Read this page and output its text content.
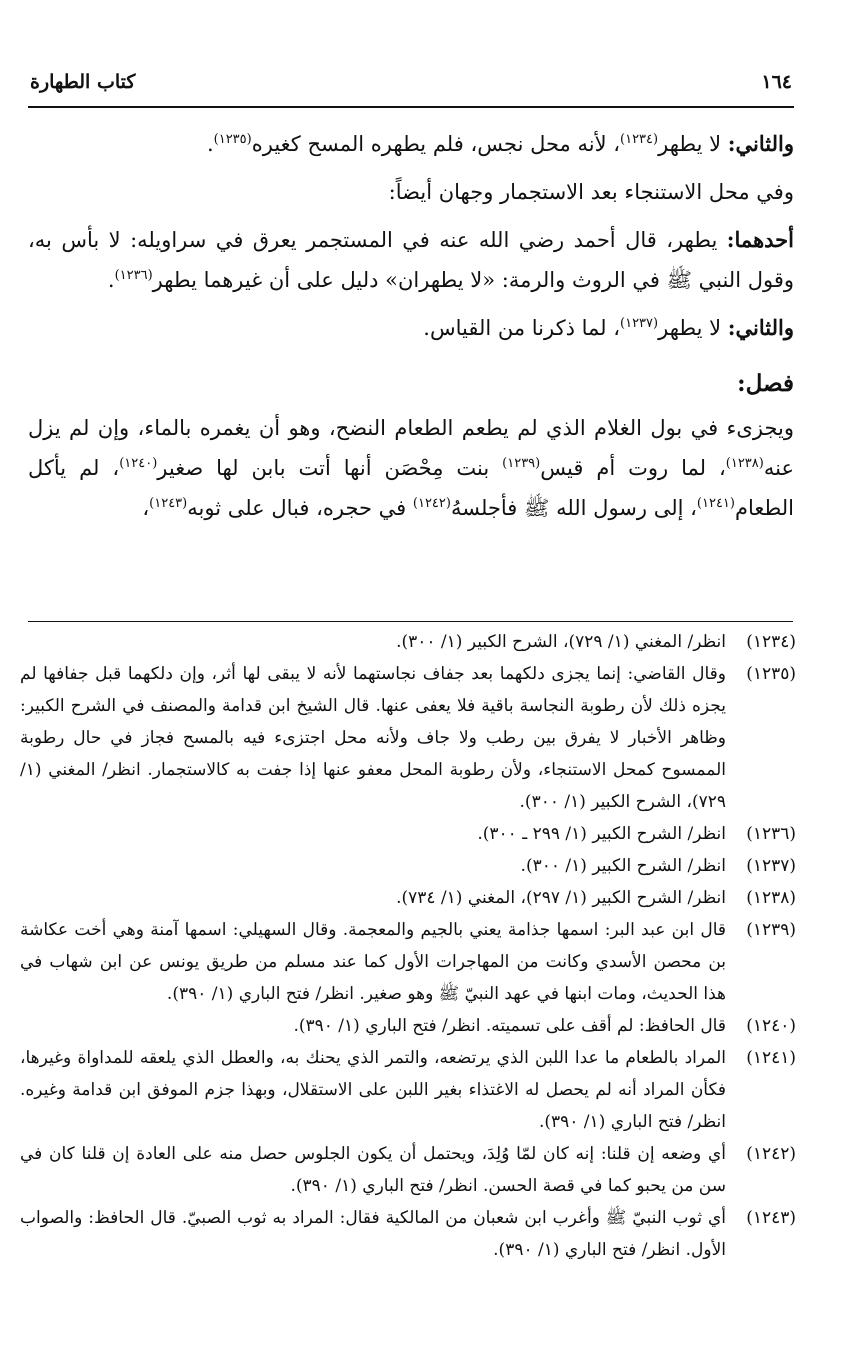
١٦٤
كتاب الطهارة

والثاني: لا يطهر$^{(١٢٣٤)}$، لأنه محل نجس، فلم يطهره المسح كغيره$^{(١٢٣٥)}$.

وفي محل الاستنجاء بعد الاستجمار وجهان أيضاً:

أحدهما: يطهر، قال أحمد رضي الله عنه في المستجمر يعرق في سراويله: لا بأس به، وقول النبي ﷺ في الروث والرمة: «لا يطهران» دليل على أن غيرهما يطهر$^{(١٢٣٦)}$.

والثاني: لا يطهر$^{(١٢٣٧)}$، لما ذكرنا من القياس.

فصل:

ويجزىء في بول الغلام الذي لم يطعم الطعام النضح، وهو أن يغمره بالماء، وإن لم يزل عنه$^{(١٢٣٨)}$، لما روت أم قيس$^{(١٢٣٩)}$ بنت مِحْصَن أنها أتت بابن لها صغير$^{(١٢٤٠)}$، لم يأكل الطعام$^{(١٢٤١)}$، إلى رسول الله ﷺ فأجلسهُ$^{(١٢٤٢)}$ في حجره، فبال على ثوبه$^{(١٢٤٣)}$،

(١٢٣٤)
انظر/ المغني (١/ ٧٢٩)، الشرح الكبير (١/ ٣٠٠).
(١٢٣٥)
وقال القاضي: إنما يجزى دلكهما بعد جفاف نجاستهما لأنه لا يبقى لها أثر، وإن دلكهما قبل جفافها لم يجزه ذلك لأن رطوبة النجاسة باقية فلا يعفى عنها. قال الشيخ ابن قدامة والمصنف في الشرح الكبير: وظاهر الأخبار لا يفرق بين رطب ولا جاف ولأنه محل اجتزىء فيه بالمسح فجاز في حال رطوبة الممسوح كمحل الاستنجاء، ولأن رطوبة المحل معفو عنها إذا جفت به كالاستجمار. انظر/ المغني (١/ ٧٢٩)، الشرح الكبير (١/ ٣٠٠).
(١٢٣٦)
انظر/ الشرح الكبير (١/ ٢٩٩ ـ ٣٠٠).
(١٢٣٧)
انظر/ الشرح الكبير (١/ ٣٠٠).
(١٢٣٨)
انظر/ الشرح الكبير (١/ ٢٩٧)، المغني (١/ ٧٣٤).
(١٢٣٩)
قال ابن عبد البر: اسمها جذامة يعني بالجيم والمعجمة. وقال السهيلي: اسمها آمنة وهي أخت عكاشة بن محصن الأسدي وكانت من المهاجرات الأول كما عند مسلم من طريق يونس عن ابن شهاب في هذا الحديث، ومات ابنها في عهد النبيّ ﷺ وهو صغير. انظر/ فتح الباري (١/ ٣٩٠).
(١٢٤٠)
قال الحافظ: لم أقف على تسميته. انظر/ فتح الباري (١/ ٣٩٠).
(١٢٤١)
المراد بالطعام ما عدا اللبن الذي يرتضعه، والتمر الذي يحنك به، والعطل الذي يلعقه للمداواة وغيرها، فكأن المراد أنه لم يحصل له الاغتذاء بغير اللبن على الاستقلال، وبهذا جزم الموفق ابن قدامة وغيره. انظر/ فتح الباري (١/ ٣٩٠).
(١٢٤٢)
أي وضعه إن قلنا: إنه كان لمّا وُلِدَ، ويحتمل أن يكون الجلوس حصل منه على العادة إن قلنا كان في سن من يحبو كما في قصة الحسن. انظر/ فتح الباري (١/ ٣٩٠).
(١٢٤٣)
أي ثوب النبيّ ﷺ وأغرب ابن شعبان من المالكية فقال: المراد به ثوب الصبيّ. قال الحافظ: والصواب الأول. انظر/ فتح الباري (١/ ٣٩٠).
